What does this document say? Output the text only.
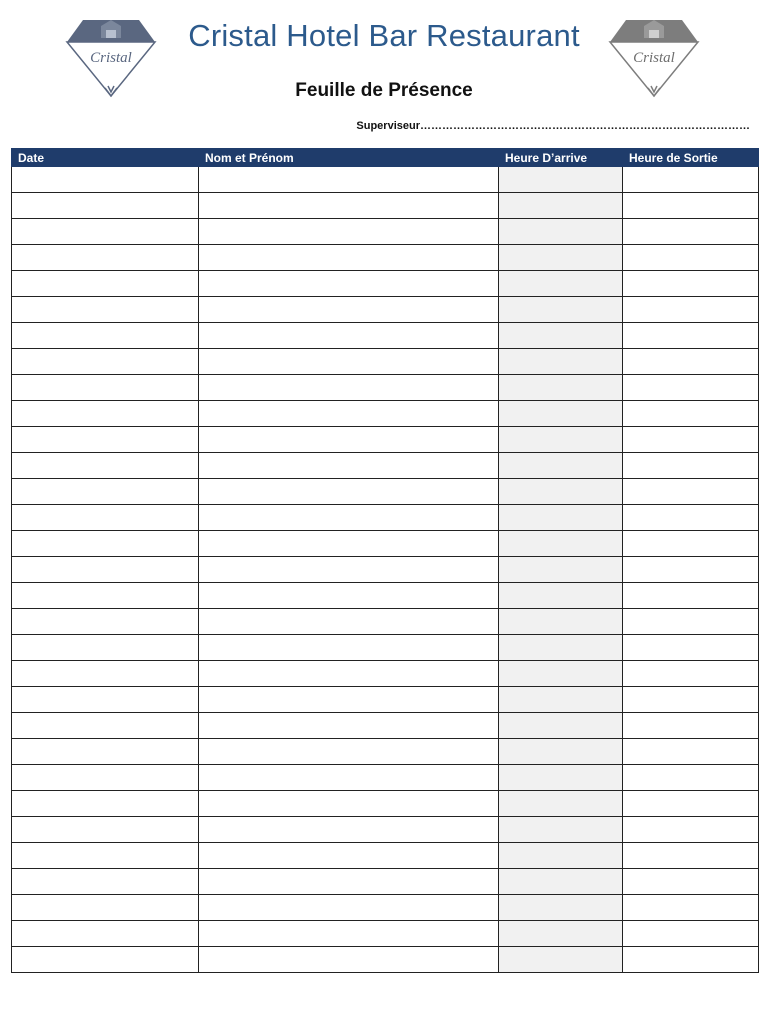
Cristal	Cristal
Cristal Hotel Bar Restaurant
Feuille de Présence
Superviseur………………………………………………………………………………
Date	Nom et Prénom	Heure D’arrive	Heure de Sortie
